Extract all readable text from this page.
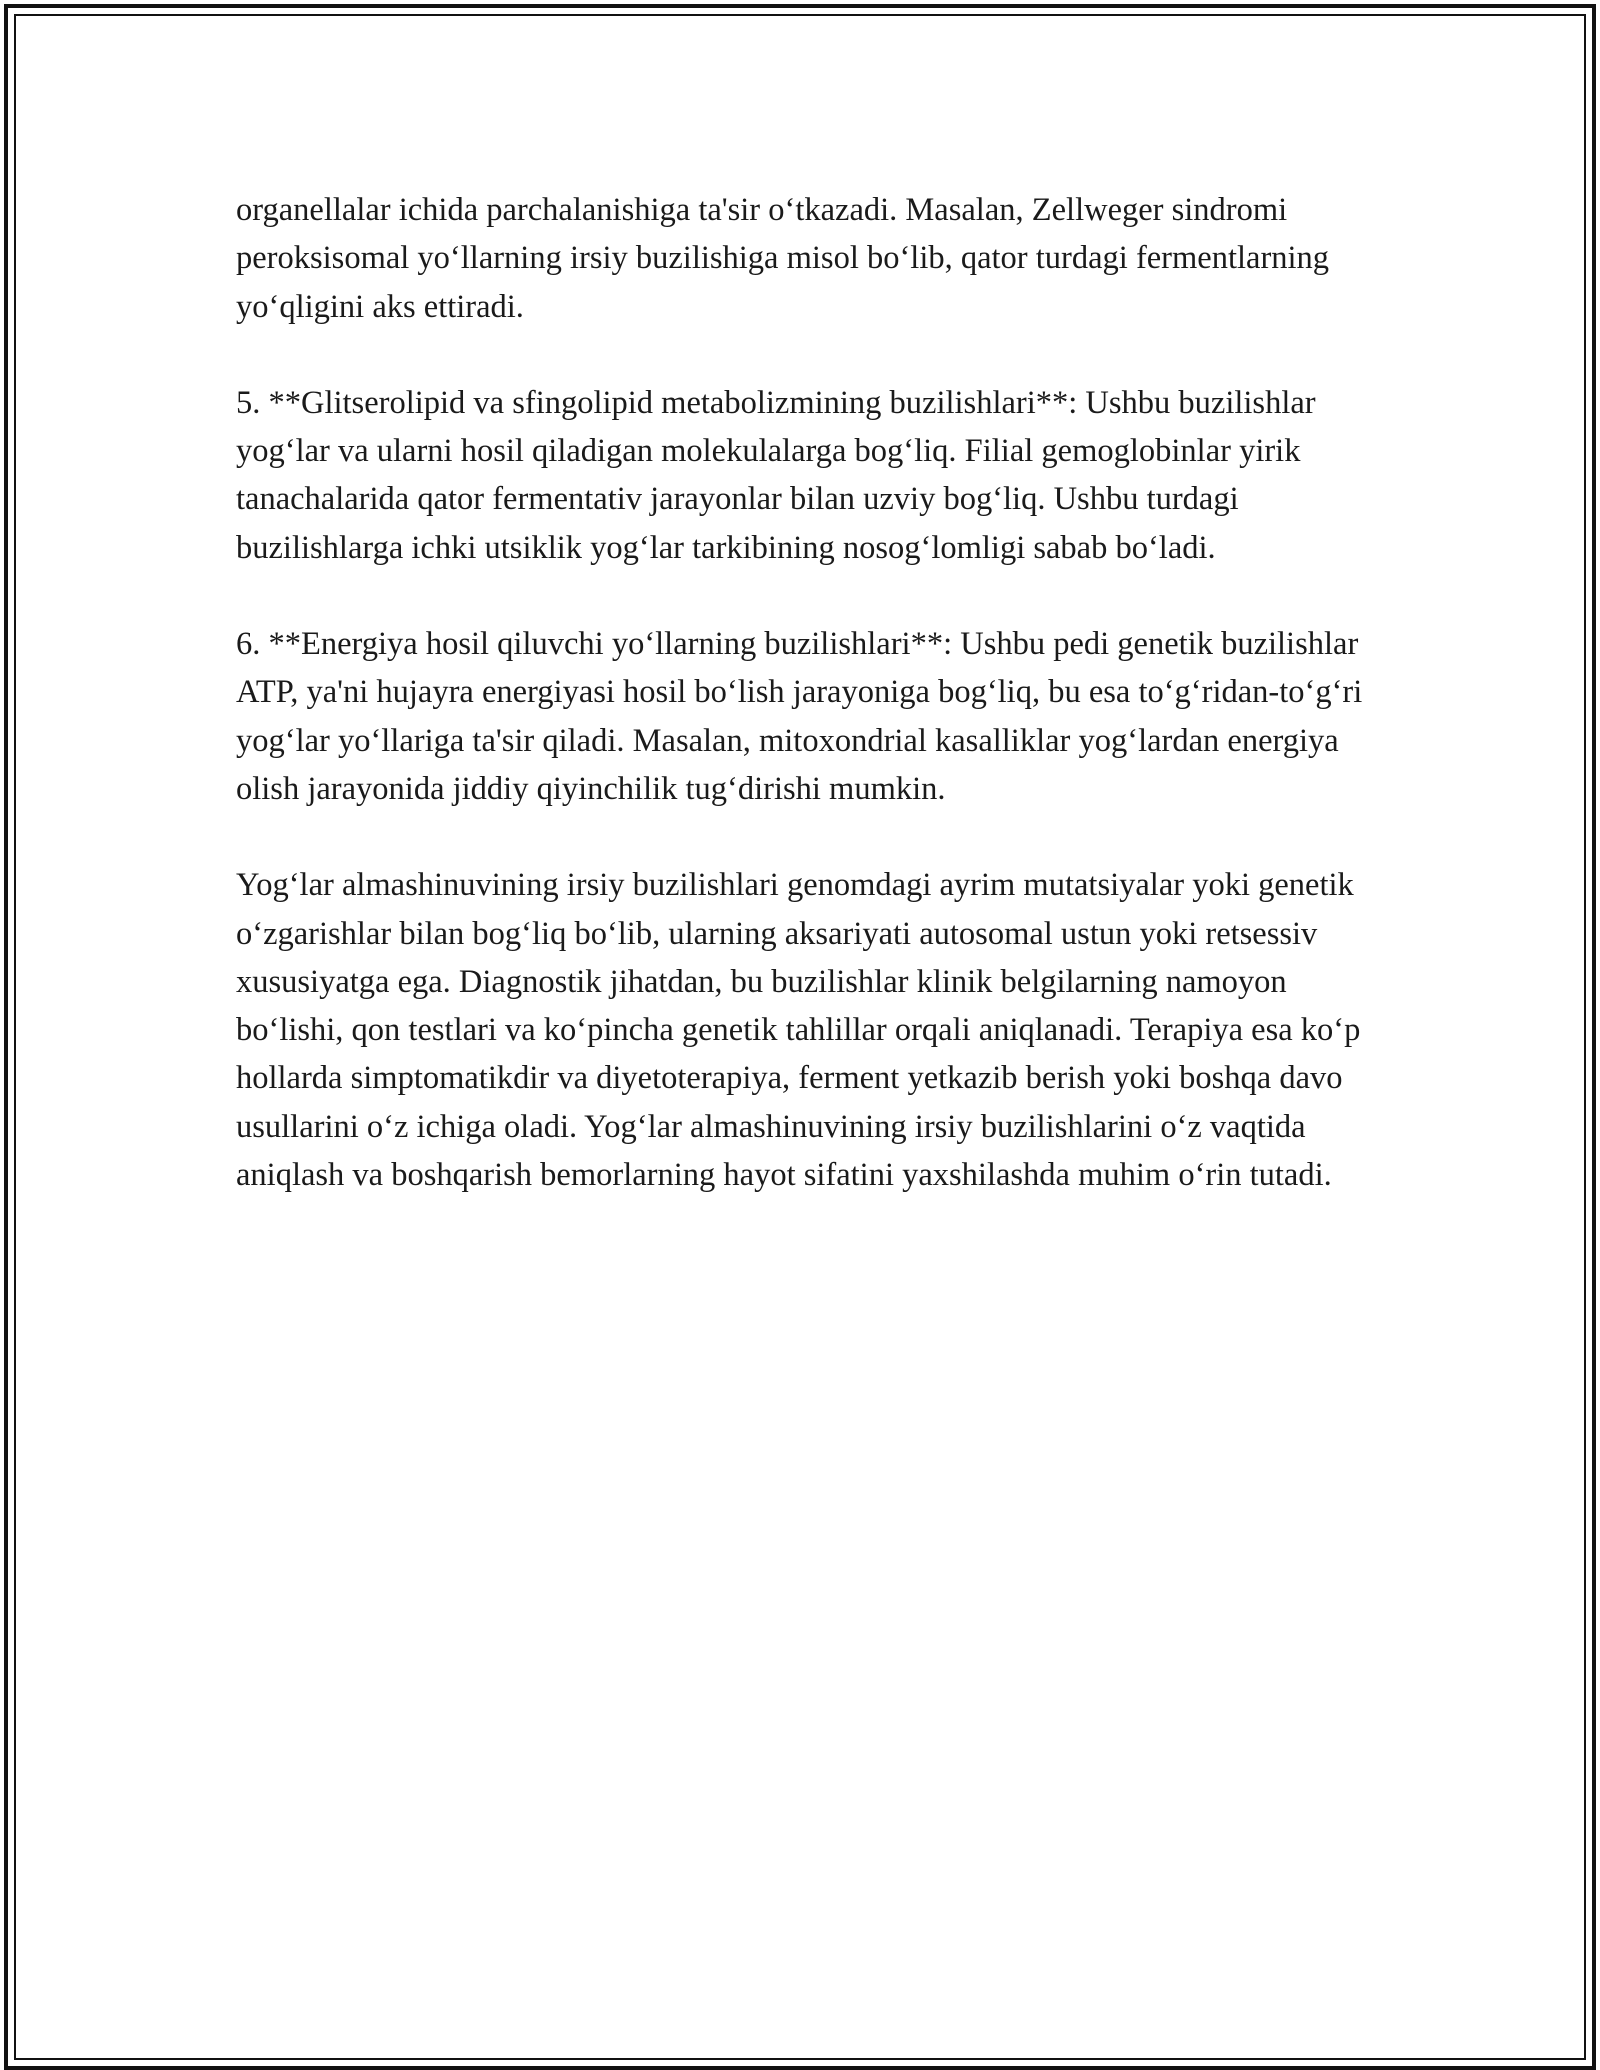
organellalar ichida parchalanishiga ta'sir o‘tkazadi. Masalan, Zellweger sindromi peroksisomal yo‘llarning irsiy buzilishiga misol bo‘lib, qator turdagi fermentlarning yo‘qligini aks ettiradi.

5. **Glitserolipid va sfingolipid metabolizmining buzilishlari**: Ushbu buzilishlar yog‘lar va ularni hosil qiladigan molekulalarga bog‘liq. Filial gemoglobinlar yirik tanachalarida qator fermentativ jarayonlar bilan uzviy bog‘liq. Ushbu turdagi buzilishlarga ichki utsiklik yog‘lar tarkibining nosog‘lomligi sabab bo‘ladi.

6. **Energiya hosil qiluvchi yo‘llarning buzilishlari**: Ushbu pedi genetik buzilishlar ATP, ya'ni hujayra energiyasi hosil bo‘lish jarayoniga bog‘liq, bu esa to‘g‘ridan-to‘g‘ri yog‘lar yo‘llariga ta'sir qiladi. Masalan, mitoxondrial kasalliklar yog‘lardan energiya olish jarayonida jiddiy qiyinchilik tug‘dirishi mumkin.

Yog‘lar almashinuvining irsiy buzilishlari genomdagi ayrim mutatsiyalar yoki genetik o‘zgarishlar bilan bog‘liq bo‘lib, ularning aksariyati autosomal ustun yoki retsessiv xususiyatga ega. Diagnostik jihatdan, bu buzilishlar klinik belgilarning namoyon bo‘lishi, qon testlari va ko‘pincha genetik tahlillar orqali aniqlanadi. Terapiya esa ko‘p hollarda simptomatikdir va diyetoterapiya, ferment yetkazib berish yoki boshqa davo usullarini o‘z ichiga oladi. Yog‘lar almashinuvining irsiy buzilishlarini o‘z vaqtida aniqlash va boshqarish bemorlarning hayot sifatini yaxshilashda muhim o‘rin tutadi.
